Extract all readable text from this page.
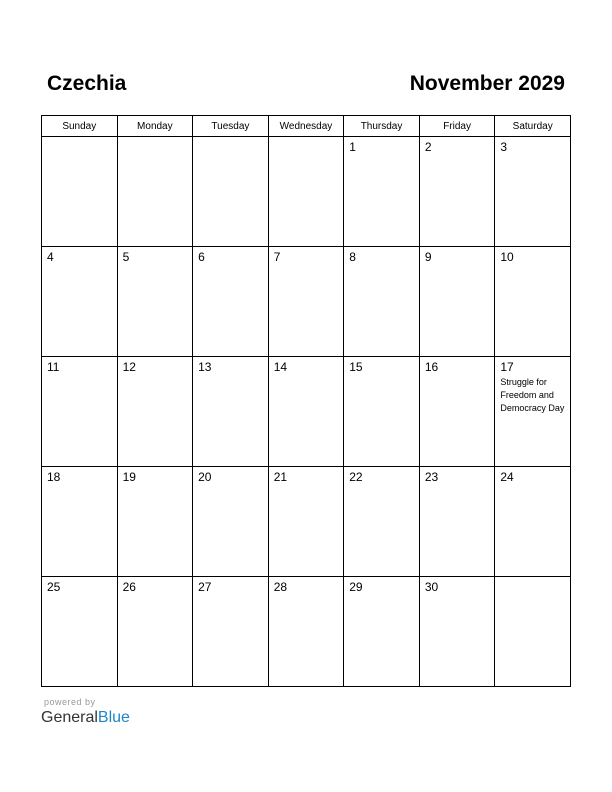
Czechia	November 2029
Sunday	Monday	Tuesday	Wednesday	Thursday	Friday	Saturday

				1	2	3

4	5	6	7	8	9	10

11	12	13	14	15	16	17
Struggle for Freedom and Democracy Day

18	19	20	21	22	23	24

25	26	27	28	29	30	

powered by
GeneralBlue
